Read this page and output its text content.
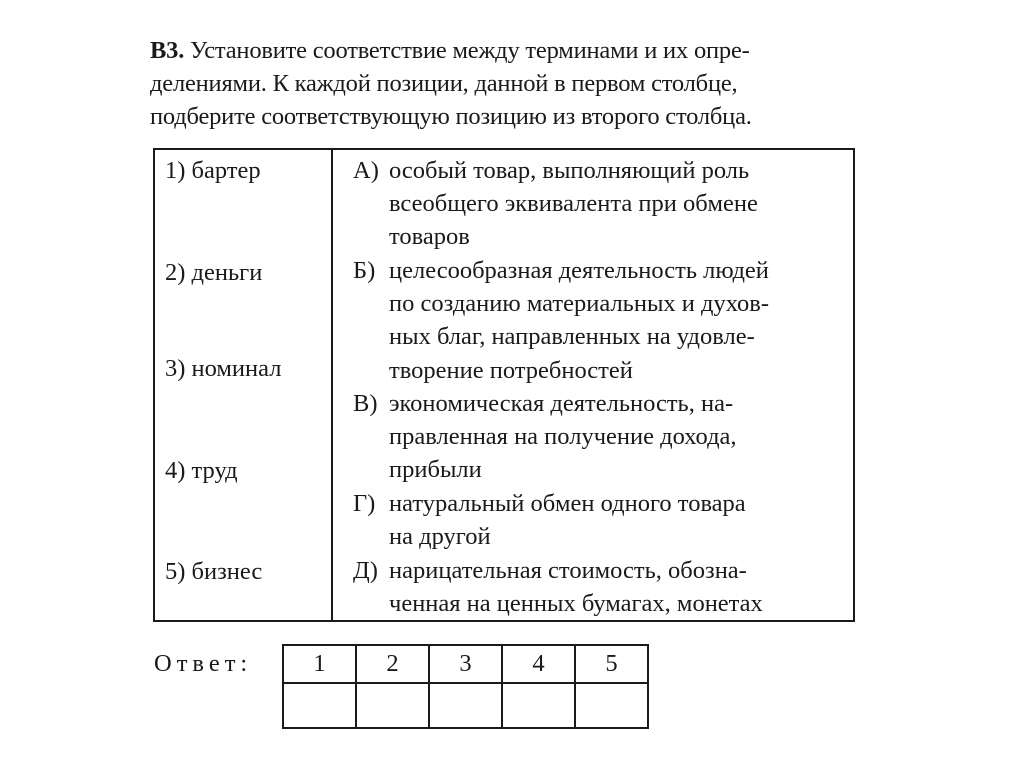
В3. Установите соответствие между терминами и их опре-
делениями. К каждой позиции, данной в первом столбце,
подберите соответствующую позицию из второго столбца.
1) бартер
2) деньги
3) номинал
4) труд
5) бизнес
А) особый товар, выполняющий роль
всеобщего эквивалента при обмене
товаров
Б) целесообразная деятельность людей
по созданию материальных и духов-
ных благ, направленных на удовле-
творение потребностей
В) экономическая деятельность, на-
правленная на получение дохода,
прибыли
Г) натуральный обмен одного товара
на другой
Д) нарицательная стоимость, обозна-
ченная на ценных бумагах, монетах
Ответ: 1	2	3	4	5
